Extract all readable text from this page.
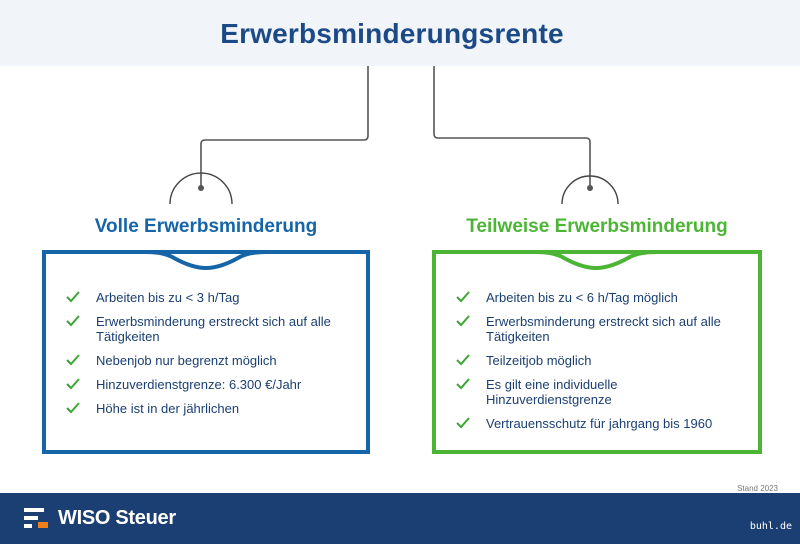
Erwerbsminderungsrente
Volle Erwerbsminderung	Teilweise Erwerbsminderung
Arbeiten bis zu < 3 h/Tag
Erwerbsminderung erstreckt sich auf alle Tätigkeiten
Nebenjob nur begrenzt möglich
Hinzuverdienstgrenze: 6.300 €/Jahr
Höhe ist in der jährlichen
Arbeiten bis zu < 6 h/Tag möglich
Erwerbsminderung erstreckt sich auf alle Tätigkeiten
Teilzeitjob möglich
Es gilt eine individuelle Hinzuverdienstgrenze
Vertrauensschutz für jahrgang bis 1960
Stand 2023
WISO Steuer	buhl.de
